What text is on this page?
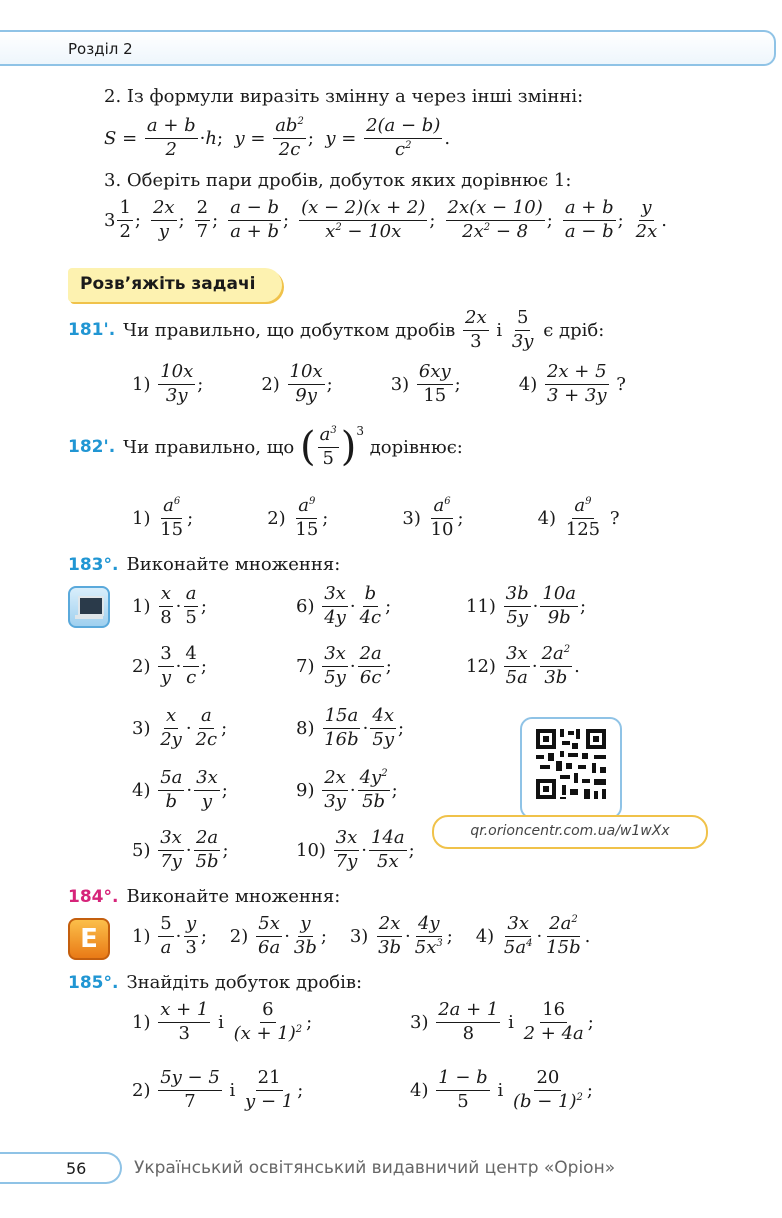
Розділ 2
2. Із формули виразіть змінну a через інші змінні:
$S = \frac{a + b}{2} \cdot h$ ; $y = \frac{ab^2}{2c}$ ; $y = \frac{2(a - b)}{c^2}$ .
3. Оберіть пари дробів, добуток яких дорівнює 1:
$3 \frac{1}{2}$ ; $\frac{2x}{y}$ ; $\frac{2}{7}$ ; $\frac{a - b}{a + b}$ ; $\frac{(x - 2)(x + 2)}{x^2 - 10x}$ ; $\frac{2x(x - 10)}{2x^2 - 8}$ ; $\frac{a + b}{a - b}$ ; $\frac{y}{2x}$ .
Розв’яжіть задачі
181'. Чи правильно, що добутком дробів
$\frac{2x}{3}$
і
$\frac{5}{3y}$
є дріб:
$1) \frac{10x}{3y}$ ;	$2) \frac{10x}{9y}$ ;	$3) \frac{6xy}{15}$ ;	$4) \frac{2x + 5}{3 + 3y}$
?
182'. Чи правильно, що
( $\frac{a^3}{5} )^3$

дорівнює:
$1) \frac{a^6}{15}$ ;	$2) \frac{a^9}{15}$ ;	$3) \frac{a^6}{10}$ ;	$4) \frac{a^9}{125}$
?
183°. Виконайте множення:
$1) \frac{x}{8} \cdot \frac{a}{5}$ ;
$2) \frac{3}{y} \cdot \frac{4}{c}$ ;
$3) \frac{x}{2y} \cdot \frac{a}{2c}$ ;
$4) \frac{5a}{b} \cdot \frac{3x}{y}$ ;
$5) \frac{3x}{7y} \cdot \frac{2a}{5b}$ ;
$6) \frac{3x}{4y} \cdot \frac{b}{4c}$ ;
$7) \frac{3x}{5y} \cdot \frac{2a}{6c}$ ;
$8) \frac{15a}{16b} \cdot \frac{4x}{5y}$ ;
$9) \frac{2x}{3y} \cdot \frac{4y^2}{5b}$ ;
$10) \frac{3x}{7y} \cdot \frac{14a}{5x}$ ;
$11) \frac{3b}{5y} \cdot \frac{10a}{9b}$ ;
$12) \frac{3x}{5a} \cdot \frac{2a^2}{3b}$ .
qr.orioncentr.com.ua/w1wXx
184°. Виконайте множення:
E	$1) \frac{5}{a} \cdot \frac{y}{3}$ ;    $2) \frac{5x}{6a} \cdot \frac{y}{3b}$ ;    $3) \frac{2x}{3b} \cdot \frac{4y}{5x^3}$ ;    $4) \frac{3x}{5a^4} \cdot \frac{2a^2}{15b}$ .
185°. Знайдіть добуток дробів:
$1) \frac{x + 1}{3}$
і
$\frac{6}{(x + 1)^2}$ ;
$2) \frac{5y - 5}{7}$
і
$\frac{21}{y - 1}$ ;
$3) \frac{2a + 1}{8}$
і
$\frac{16}{2 + 4a}$ ;
$4) \frac{1 - b}{5}$
і
$\frac{20}{(b - 1)^2}$ ;
56	Український освітянський видавничий центр «Оріон»
